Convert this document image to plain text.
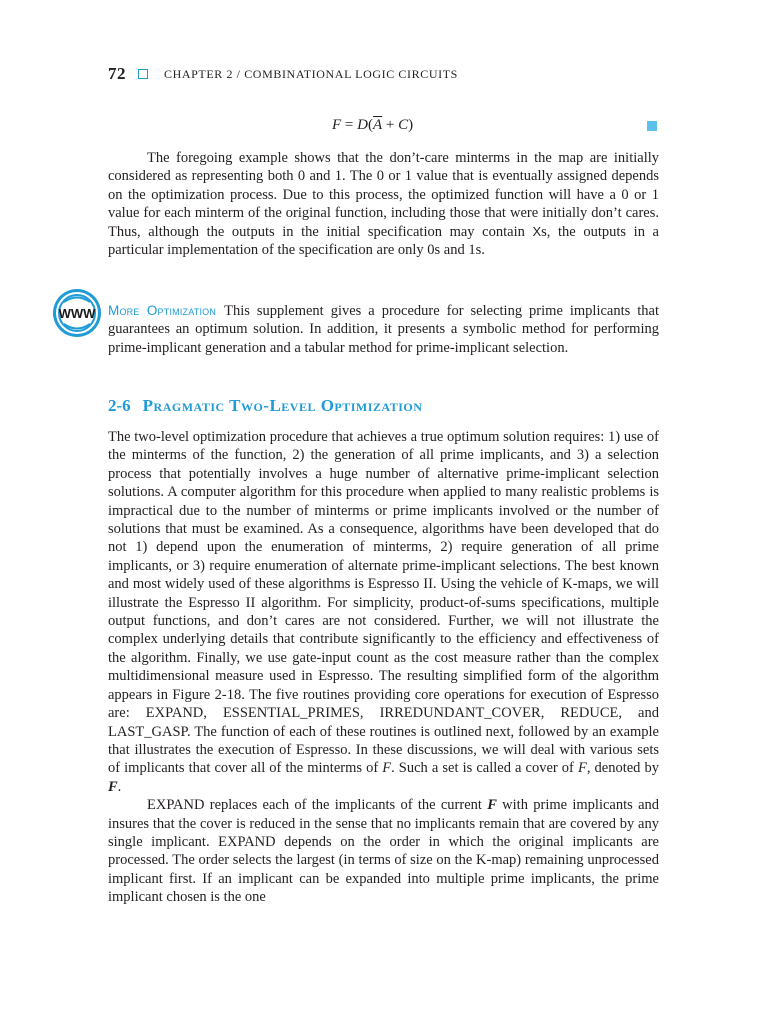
72	CHAPTER 2 / COMBINATIONAL LOGIC CIRCUITS
$F = D(\overline{A} + C)$

The foregoing example shows that the don’t-care minterms in the map are initially considered as representing both 0 and 1. The 0 or 1 value that is eventually assigned depends on the optimization process. Due to this process, the optimized function will have a 0 or 1 value for each minterm of the original function, including those that were initially don’t cares. Thus, although the outputs in the initial specification may contain Xs, the outputs in a particular implementation of the specification are only 0s and 1s.

WWW More Optimization This supplement gives a procedure for selecting prime implicants that guarantees an optimum solution. In addition, it presents a symbolic method for performing prime-implicant generation and a tabular method for prime-implicant selection.

2-6 Pragmatic Two-Level Optimization

The two-level optimization procedure that achieves a true optimum solution requires: 1) use of the minterms of the function, 2) the generation of all prime implicants, and 3) a selection process that potentially involves a huge number of alternative prime-implicant selection solutions. A computer algorithm for this procedure when applied to many realistic problems is impractical due to the number of minterms or prime implicants involved or the number of solutions that must be examined. As a consequence, algorithms have been developed that do not 1) depend upon the enumeration of minterms, 2) require generation of all prime implicants, or 3) require enumeration of alternate prime-implicant selections. The best known and most widely used of these algorithms is Espresso II. Using the vehicle of K-maps, we will illustrate the Espresso II algorithm. For simplicity, product-of-sums specifications, multiple output functions, and don’t cares are not considered. Further, we will not illustrate the complex underlying details that contribute significantly to the efficiency and effectiveness of the algorithm. Finally, we use gate-input count as the cost measure rather than the complex multidimensional measure used in Espresso. The resulting simplified form of the algorithm appears in Figure 2-18. The five routines providing core operations for execution of Espresso are: EXPAND, ESSENTIAL_PRIMES, IRREDUNDANT_COVER, REDUCE, and LAST_GASP. The function of each of these routines is outlined next, followed by an example that illustrates the execution of Espresso. In these discussions, we will deal with various sets of implicants that cover all of the minterms of F. Such a set is called a cover of F, denoted by F.

EXPAND replaces each of the implicants of the current F with prime implicants and insures that the cover is reduced in the sense that no implicants remain that are covered by any single implicant. EXPAND depends on the order in which the original implicants are processed. The order selects the largest (in terms of size on the K-map) remaining unprocessed implicant first. If an implicant can be expanded into multiple prime implicants, the prime implicant chosen is the one
